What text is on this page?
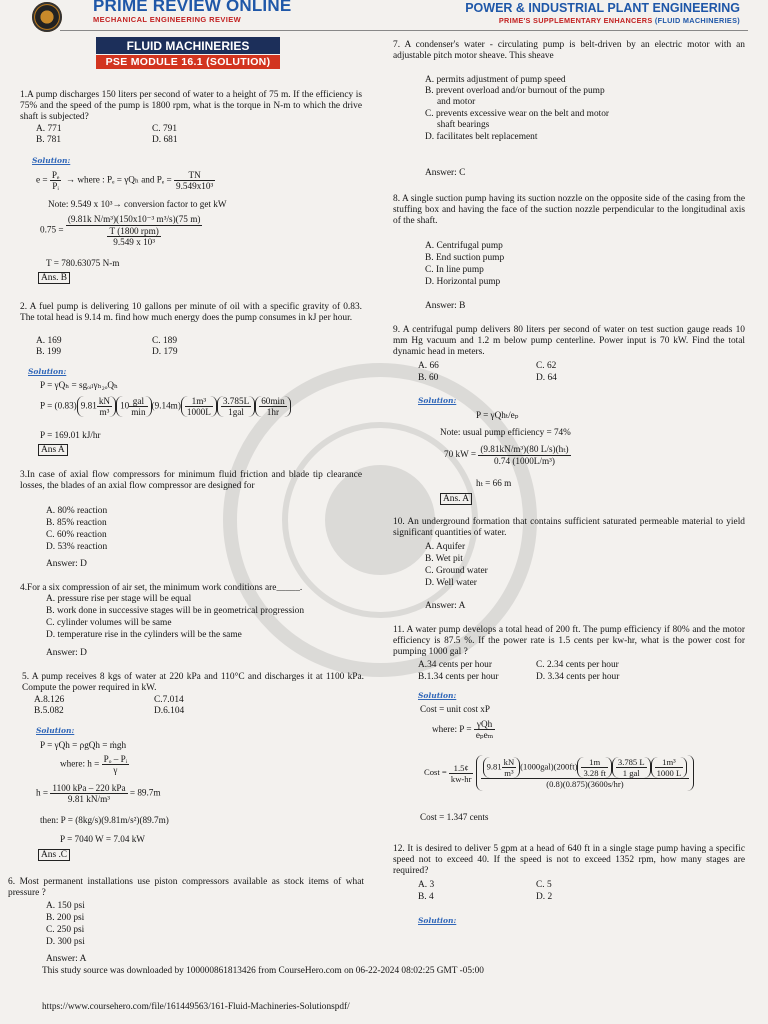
PRIME REVIEW ONLINE
MECHANICAL ENGINEERING REVIEW
POWER & INDUSTRIAL PLANT ENGINEERING
PRIME'S SUPPLEMENTARY ENHANCERS (FLUID MACHINERIES)
FLUID MACHINERIES
PSE MODULE 16.1 (SOLUTION)
1.A pump discharges 150 liters per second of water to a height of 75 m. If the efficiency is 75% and the speed of the pump is 1800 rpm, what is the torque in N-m to which the drive shaft is subjected?
A. 771
B. 781
C. 791
D. 681
Solution:
$e = \frac{\text{Pₑ}}{\text{Pᵢ}}$ → where : Pₑ = γQₕ and $P_e = \frac{TN}{\text{9.549x10³}}$
Note: 9.549 x 10³→ conversion factor to get kW
$0.75 = \frac{\text{(9.81k N/m³)(150x10⁻³ m³/s)(75 m)}}{\frac{\text{T (1800 rpm)}}{\text{9.549 x 10³}}}$
T = 780.63075 N-m
Ans. B
2. A fuel pump is delivering 10 gallons per minute of oil with a specific gravity of 0.83. The total head is 9.14 m. find how much energy does the pump consumes in kJ per hour.
A. 169
B. 199
C. 189
D. 179
Solution:
P = γQₕ = sgₒᵢₗγₕ₂ₒQₕ
P = (0.83) $9.81 \frac{kN}{\text{m³}} 10 \frac{\text{gal}}{\min} (9.14m) \frac{\text{1m³}}{1000L} \frac{3.785L}{\text{1gal}} \frac{60\min}{1hr}$
P = 169.01 kJ/hr
Ans A
3.In case of axial flow compressors for minimum fluid friction and blade tip clearance losses, the blades of an axial flow compressor are designed for
A. 80% reaction
B. 85% reaction
C. 60% reaction
D. 53% reaction
Answer: D
4.For a six compression of air set, the minimum work conditions are_____.
A. pressure rise per stage will be equal
B. work done in successive stages will be in geometrical progression
C. cylinder volumes will be same
D. temperature rise in the cylinders will be the same
Answer: D
5. A pump receives 8 kgs of water at 220 kPa and 110°C and discharges it at 1100 kPa. Compute the power required in kW.
A.8.126
B.5.082
C.7.014
D.6.104
Solution:
P = γQh = ρgQh = ṁgh
where: $h = \frac{\text{Pₒ – Pᵢ}}{\gamma}$
$h = \frac{\text{1100 kPa – 220 kPa}}{\text{9.81 kN/m³}} = 89.7m$
then: P = (8kg/s)(9.81m/s²)(89.7m)
P = 7040 W = 7.04 kW
Ans .C
6. Most permanent installations use piston compressors available as stock items of what pressure ?
A. 150 psi
B. 200 psi
C. 250 psi
D. 300 psi
Answer: A
7. A condenser's water - circulating pump is belt-driven by an electric motor with an adjustable pitch motor sheave. This sheave
A. permits adjustment of pump speed
B. prevent overload and/or burnout of the pump
and motor
C. prevents excessive wear on the belt and motor
shaft bearings
D. facilitates belt replacement
Answer: C
8. A single suction pump having its suction nozzle on the opposite side of the casing from the stuffing box and having the face of the suction nozzle perpendicular to the longitudinal axis of the shaft.
A. Centrifugal pump
B. End suction pump
C. In line pump
D. Horizontal pump
Answer: B
9. A centrifugal pump delivers 80 liters per second of water on test suction gauge reads 10 mm Hg vacuum and 1.2 m below pump centerline. Power input is 70 kW. Find the total dynamic head in meters.
A. 66
B. 60
C. 62
D. 64
Solution:
P = γQhₜ/eₚ
Note: usual pump efficiency = 74%
70 kW = $\frac{\text{(9.81kN/m³)(80 L/s)(hₜ)}}{\text{0.74 (1000L/m³)}}$
hₜ = 66 m
Ans. A
10. An underground formation that contains sufficient saturated permeable material to yield significant quantities of water.
A. Aquifer
B. Wet pit
C. Ground water
D. Well water
Answer: A
11. A water pump develops a total head of 200 ft. The pump efficiency if 80% and the motor efficiency is 87.5 %. If the power rate is 1.5 cents per kw-hr, what is the power cost for pumping 1000 gal ?
A.34 cents per hour
B.1.34 cents per hour
C. 2.34 cents per hour
D. 3.34 cents per hour
Solution:
Cost = unit cost xP
where: $P = \frac{\text{γQh}}{\text{eₚeₘ}}$
Cost = $\frac{1.5¢}{kw-hr}$
$\frac{9.81 \frac{kN}{\text{m³}} (1000gal)(200ft) \frac{1m}{3.28 ft} \frac{3.785 L}{\text{1 gal}} \frac{\text{1m³}}{1000 L}}{(0.8)(0.875)(3600s/hr)}$
Cost = 1.347 cents
12. It is desired to deliver 5 gpm at a head of 640 ft in a single stage pump having a specific speed not to exceed 40. If the speed is not to exceed 1352 rpm, how many stages are required?
A. 3
B. 4
C. 5
D. 2
Solution:
This study source was downloaded by 100000861813426 from CourseHero.com on 06-22-2024 08:02:25 GMT -05:00
https://www.coursehero.com/file/161449563/161-Fluid-Machineries-Solutionspdf/
